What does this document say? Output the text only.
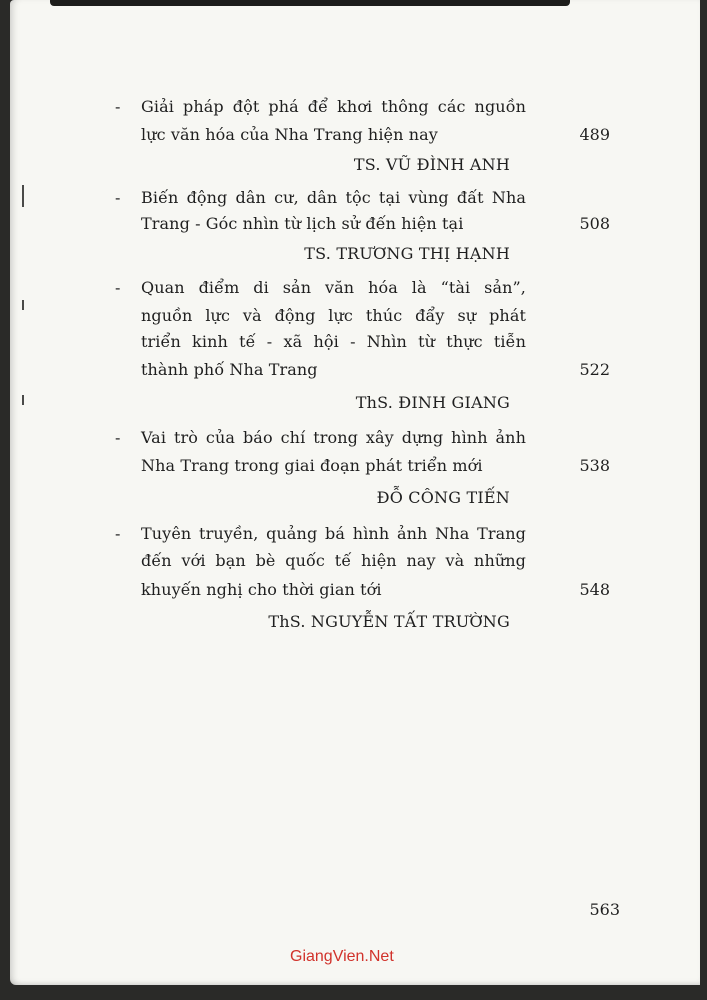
- Giải pháp đột phá để khơi thông các nguồn
lực văn hóa của Nha Trang hiện nay	489
TS. VŨ ĐÌNH ANH
- Biến động dân cư, dân tộc tại vùng đất Nha
Trang - Góc nhìn từ lịch sử đến hiện tại	508
TS. TRƯƠNG THỊ HẠNH
- Quan điểm di sản văn hóa là “tài sản”,
nguồn lực và động lực thúc đẩy sự phát
triển kinh tế - xã hội - Nhìn từ thực tiễn
thành phố Nha Trang	522
ThS. ĐINH GIANG
- Vai trò của báo chí trong xây dựng hình ảnh
Nha Trang trong giai đoạn phát triển mới	538
ĐỖ CÔNG TIẾN
- Tuyên truyền, quảng bá hình ảnh Nha Trang
đến với bạn bè quốc tế hiện nay và những
khuyến nghị cho thời gian tới	548
ThS. NGUYỄN TẤT TRƯỜNG
563
GiangVien.Net
